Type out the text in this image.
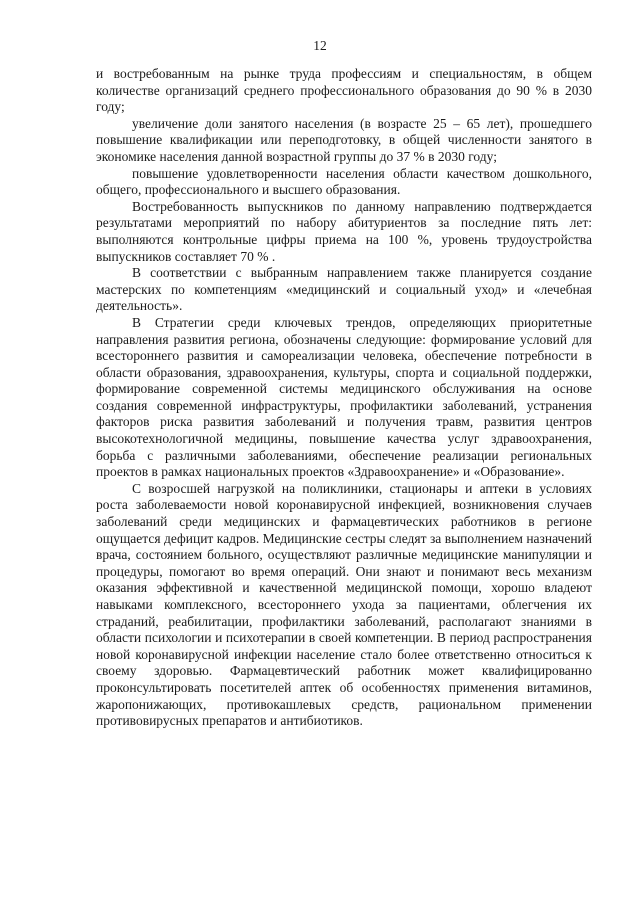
12

и востребованным на рынке труда профессиям и специальностям, в общем количестве организаций среднего профессионального образования до 90 % в 2030 году;

увеличение доли занятого населения (в возрасте 25 – 65 лет), прошедшего повышение квалификации или переподготовку, в общей численности занятого в экономике населения данной возрастной группы до 37 % в 2030 году;

повышение удовлетворенности населения области качеством дошкольного, общего, профессионального и высшего образования.

Востребованность выпускников по данному направлению подтверждается результатами мероприятий по набору абитуриентов за последние пять лет: выполняются контрольные цифры приема на 100 %, уровень трудоустройства выпускников составляет 70 % .

В соответствии с выбранным направлением также планируется создание мастерских по компетенциям «медицинский и социальный уход» и «лечебная деятельность».

В Стратегии среди ключевых трендов, определяющих приоритетные направления развития региона, обозначены следующие: формирование условий для всестороннего развития и самореализации человека, обеспечение потребности в области образования, здравоохранения, культуры, спорта и социальной поддержки, формирование современной системы медицинского обслуживания на основе создания современной инфраструктуры, профилактики заболеваний, устранения факторов риска развития заболеваний и получения травм, развития центров высокотехнологичной медицины, повышение качества услуг здравоохранения, борьба с различными заболеваниями, обеспечение реализации региональных проектов в рамках национальных проектов «Здравоохранение» и «Образование».

С возросшей нагрузкой на поликлиники, стационары и аптеки в условиях роста заболеваемости новой коронавирусной инфекцией, возникновения случаев заболеваний среди медицинских и фармацевтических работников в регионе ощущается дефицит кадров. Медицинские сестры следят за выполнением назначений врача, состоянием больного, осуществляют различные медицинские манипуляции и процедуры, помогают во время операций. Они знают и понимают весь механизм оказания эффективной и качественной медицинской помощи, хорошо владеют навыками комплексного, всестороннего ухода за пациентами, облегчения их страданий, реабилитации, профилактики заболеваний, располагают знаниями в области психологии и психотерапии в своей компетенции. В период распространения новой коронавирусной инфекции население стало более ответственно относиться к своему здоровью. Фармацевтический работник может квалифицированно проконсультировать посетителей аптек об особенностях применения витаминов, жаропонижающих, противокашлевых средств, рациональном применении противовирусных препаратов и антибиотиков.
